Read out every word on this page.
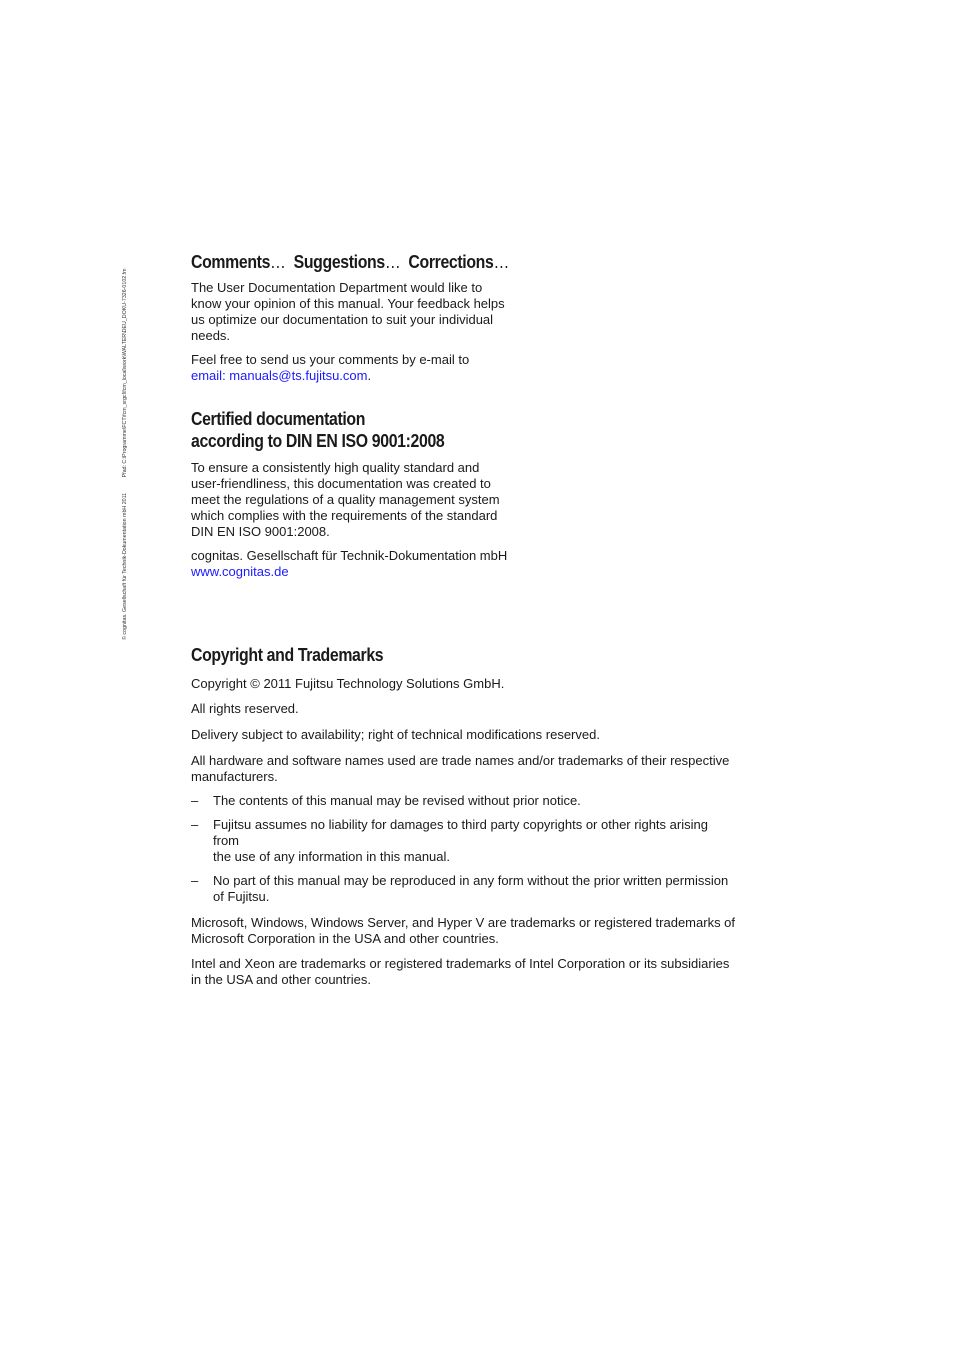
© cognitas. Gesellschaft für Technik-Dokumentation mbH 2011 Pfad: C:\Programme\FCT\fcm_srgcl\fcm_local\work\WALTER\DEU_DOKU-7326-0102.fm
Comments… Suggestions… Corrections…

The User Documentation Department would like to
know your opinion of this manual. Your feedback helps
us optimize our documentation to suit your individual
needs.

Feel free to send us your comments by e-mail to
email: manuals@ts.fujitsu.com.

Certified documentation
according to DIN EN ISO 9001:2008

To ensure a consistently high quality standard and
user-friendliness, this documentation was created to
meet the regulations of a quality management system
which complies with the requirements of the standard
DIN EN ISO 9001:2008.

cognitas. Gesellschaft für Technik-Dokumentation mbH
www.cognitas.de

Copyright and Trademarks

Copyright © 2011 Fujitsu Technology Solutions GmbH.

All rights reserved.

Delivery subject to availability; right of technical modifications reserved.

All hardware and software names used are trade names and/or trademarks of their respective
manufacturers.

– The contents of this manual may be revised without prior notice.
– Fujitsu assumes no liability for damages to third party copyrights or other rights arising from
the use of any information in this manual.
– No part of this manual may be reproduced in any form without the prior written permission
of Fujitsu.

Microsoft, Windows, Windows Server, and Hyper V are trademarks or registered trademarks of
Microsoft Corporation in the USA and other countries.

Intel and Xeon are trademarks or registered trademarks of Intel Corporation or its subsidiaries
in the USA and other countries.
